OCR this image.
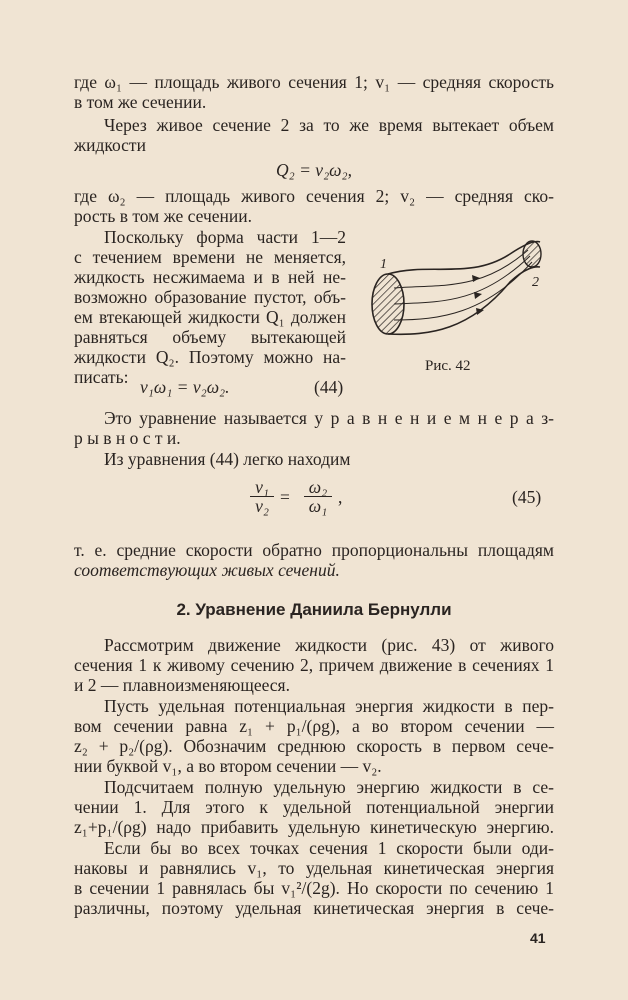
где ω₁ — площадь живого сечения 1; v₁ — средняя скорость
в том же сечении.
Через живое сечение 2 за то же время вытекает объем
жидкости
Q₂ = v₂ω₂,
где ω₂ — площадь живого сечения 2; v₂ — средняя ско-
рость в том же сечении.
Поскольку форма части 1—2
с течением времени не меняется,
жидкость несжимаема и в ней не-
возможно образование пустот, объ-
ем втекающей жидкости Q₁ должен
равняться объему вытекающей
жидкости Q₂. Поэтому можно на-
писать:
Это уравнение называется у р а в н е н и е м н е р а з-
р ы в н о с т и.
Из уравнения (44) легко находим
т. е. средние скорости обратно пропорциональны площадям
соответствующих живых сечений.
Рассмотрим движение жидкости (рис. 43) от живого
сечения 1 к живому сечению 2, причем движение в сечениях 1
и 2 — плавноизменяющееся.
Пусть удельная потенциальная энергия жидкости в пер-
вом сечении равна z₁ + p₁/(ρg), а во втором сечении —
z₂ + p₂/(ρg). Обозначим среднюю скорость в первом сече-
нии буквой v₁, а во втором сечении — v₂.
Подсчитаем полную удельную энергию жидкости в се-
чении 1. Для этого к удельной потенциальной энергии
z₁+p₁/(ρg) надо прибавить удельную кинетическую энергию.
Если бы во всех точках сечения 1 скорости были оди-
наковы и равнялись v₁, то удельная кинетическая энергия
в сечении 1 равнялась бы v₁²/(2g). Но скорости по сечению 1
различны, поэтому удельная кинетическая энергия в сече-
v₁ω₁ = v₂ω₂.	(44)
$\frac{\text{v₁}}{\text{v₂}} = \frac{\text{ω₂}}{\text{ω₁}}$ ,	(45)
1
2
Рис. 42
2. Уравнение Даниила Бернулли
41
